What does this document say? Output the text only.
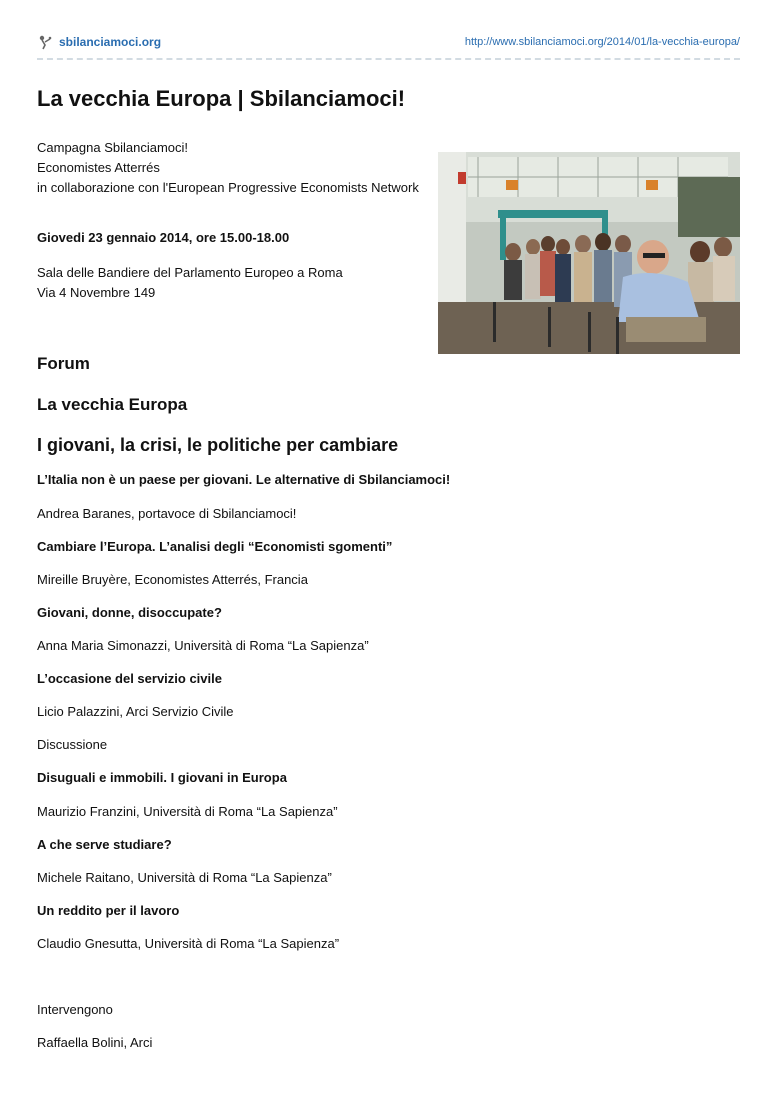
sbilanciamoci.org	http://www.sbilanciamoci.org/2014/01/la-vecchia-europa/
La vecchia Europa | Sbilanciamoci!

Campagna Sbilanciamoci!

Economistes Atterrés

in collaborazione con l'European Progressive Economists Network

Giovedi 23 gennaio 2014, ore 15.00-18.00

Sala delle Bandiere del Parlamento Europeo a Roma

Via 4 Novembre 149

Forum
La vecchia Europa
I giovani, la crisi, le politiche per cambiare

L’Italia non è un paese per giovani. Le alternative di Sbilanciamoci!

Andrea Baranes, portavoce di Sbilanciamoci!

Cambiare l’Europa. L’analisi degli “Economisti sgomenti”

Mireille Bruyère, Economistes Atterrés, Francia

Giovani, donne, disoccupate?

Anna Maria Simonazzi, Università di Roma “La Sapienza”

L’occasione del servizio civile

Licio Palazzini, Arci Servizio Civile

Discussione

Disuguali e immobili. I giovani in Europa

Maurizio Franzini, Università di Roma “La Sapienza”

A che serve studiare?

Michele Raitano, Università di Roma “La Sapienza”

Un reddito per il lavoro

Claudio Gnesutta, Università di Roma “La Sapienza”

Intervengono

Raffaella Bolini, Arci
